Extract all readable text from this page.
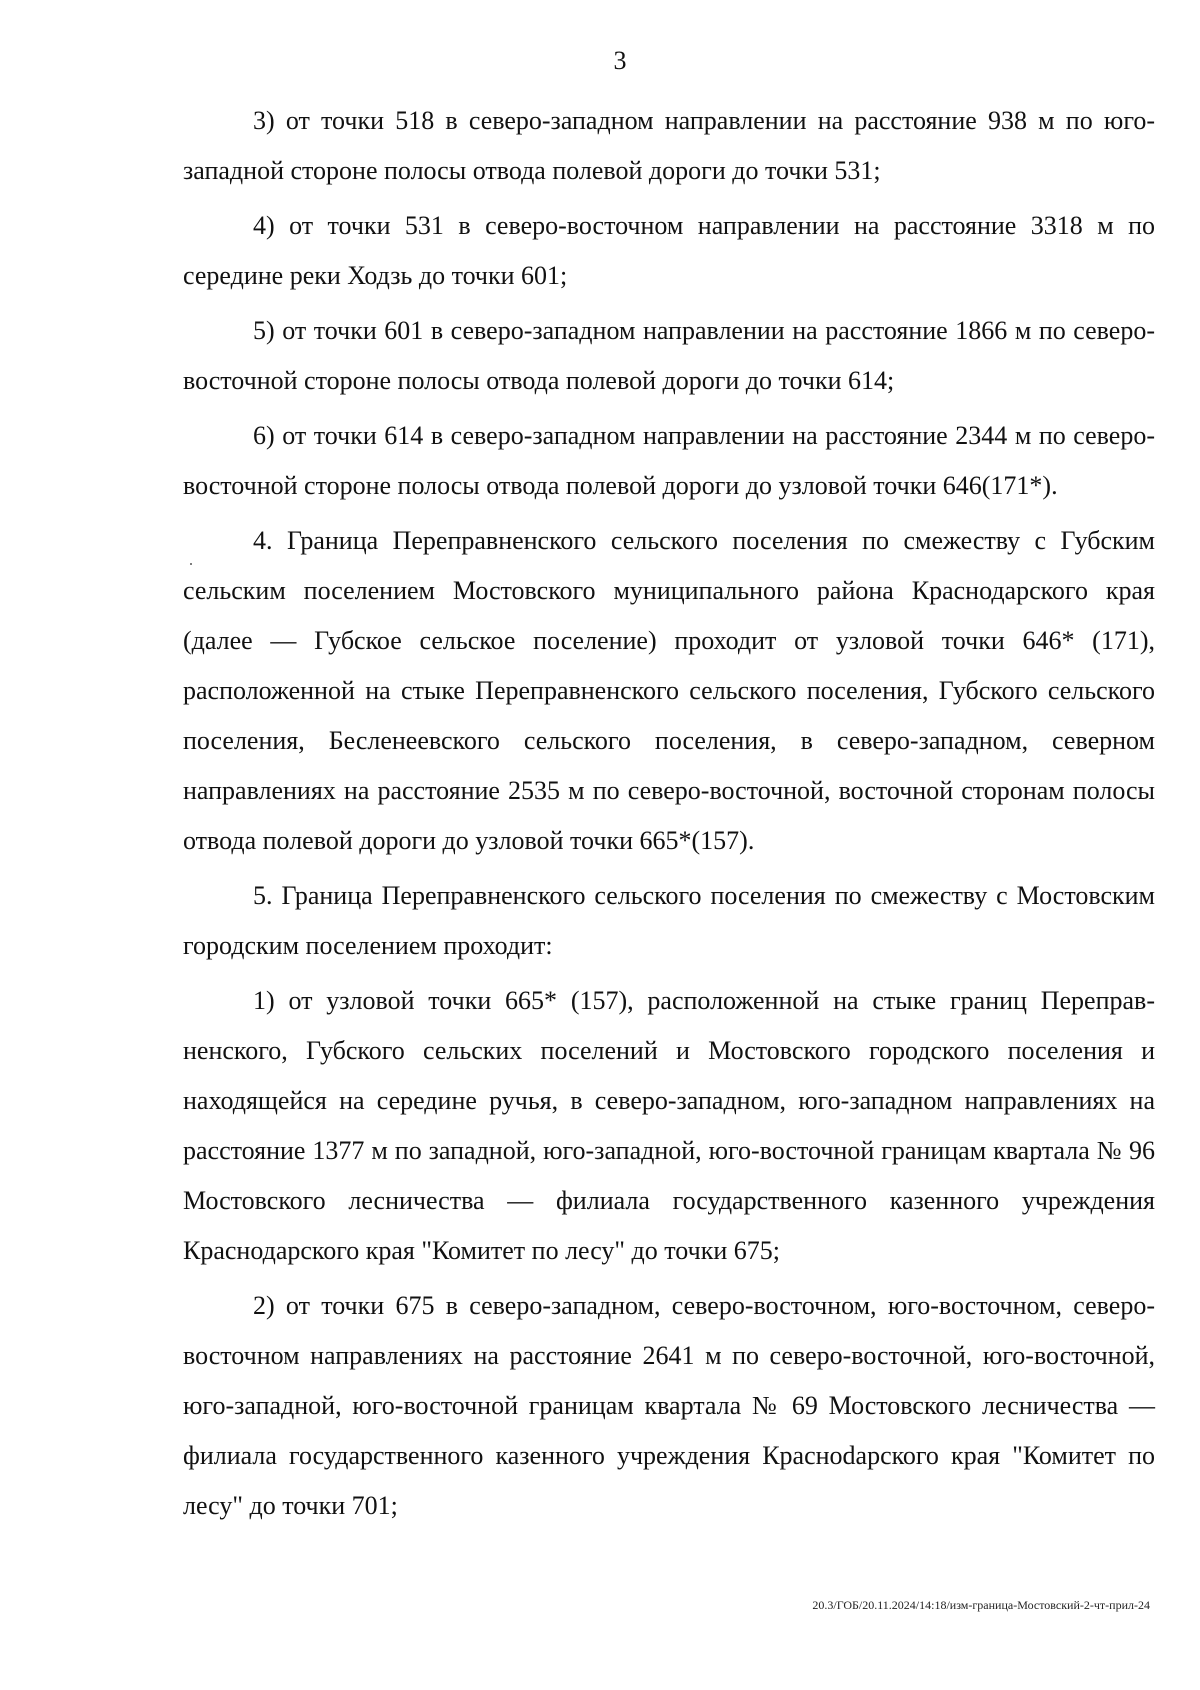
3

3) от точки 518 в северо-западном направлении на расстояние 938 м по юго-западной стороне полосы отвода полевой дороги до точки 531;

4) от точки 531 в северо-восточном направлении на расстояние 3318 м по середине реки Ходзь до точки 601;

5) от точки 601 в северо-западном направлении на расстояние 1866 м по северо-восточной стороне полосы отвода полевой дороги до точки 614;

6) от точки 614 в северо-западном направлении на расстояние 2344 м по северо-восточной стороне полосы отвода полевой дороги до узловой точки 646(171*).

4. Граница Переправненского сельского поселения по смежеству с Губским сельским поселением Мостовского муниципального района Краснодарского края (далее — Губское сельское поселение) проходит от узловой точки 646* (171), расположенной на стыке Переправненского сельского поселения, Губского сельского поселения, Бесленеевского сельского поселения, в северо-западном, северном направлениях на расстояние 2535 м по северо-восточной, восточной сторонам полосы отвода полевой дороги до узловой точки 665*(157).

5. Граница Переправненского сельского поселения по смежеству с Мостовским городским поселением проходит:

1) от узловой точки 665* (157), расположенной на стыке границ Переправненского, Губского сельских поселений и Мостовского городского поселения и находящейся на середине ручья, в северо-западном, юго-западном направлениях на расстояние 1377 м по западной, юго-западной, юго-восточной границам квартала № 96 Мостовского лесничества — филиала государственного казенного учреждения Краснодарского края "Комитет по лесу" до точки 675;

2) от точки 675 в северо-западном, северо-восточном, юго-восточном, северо-восточном направлениях на расстояние 2641 м по северо-восточной, юго-восточной, юго-западной, юго-восточной границам квартала № 69 Мостовского лесничества — филиала государственного казенного учреждения Красноdарского края "Комитет по лесу" до точки 701;

20.3/ГОБ/20.11.2024/14:18/изм-граница-Мостовский-2-чт-прил-24
